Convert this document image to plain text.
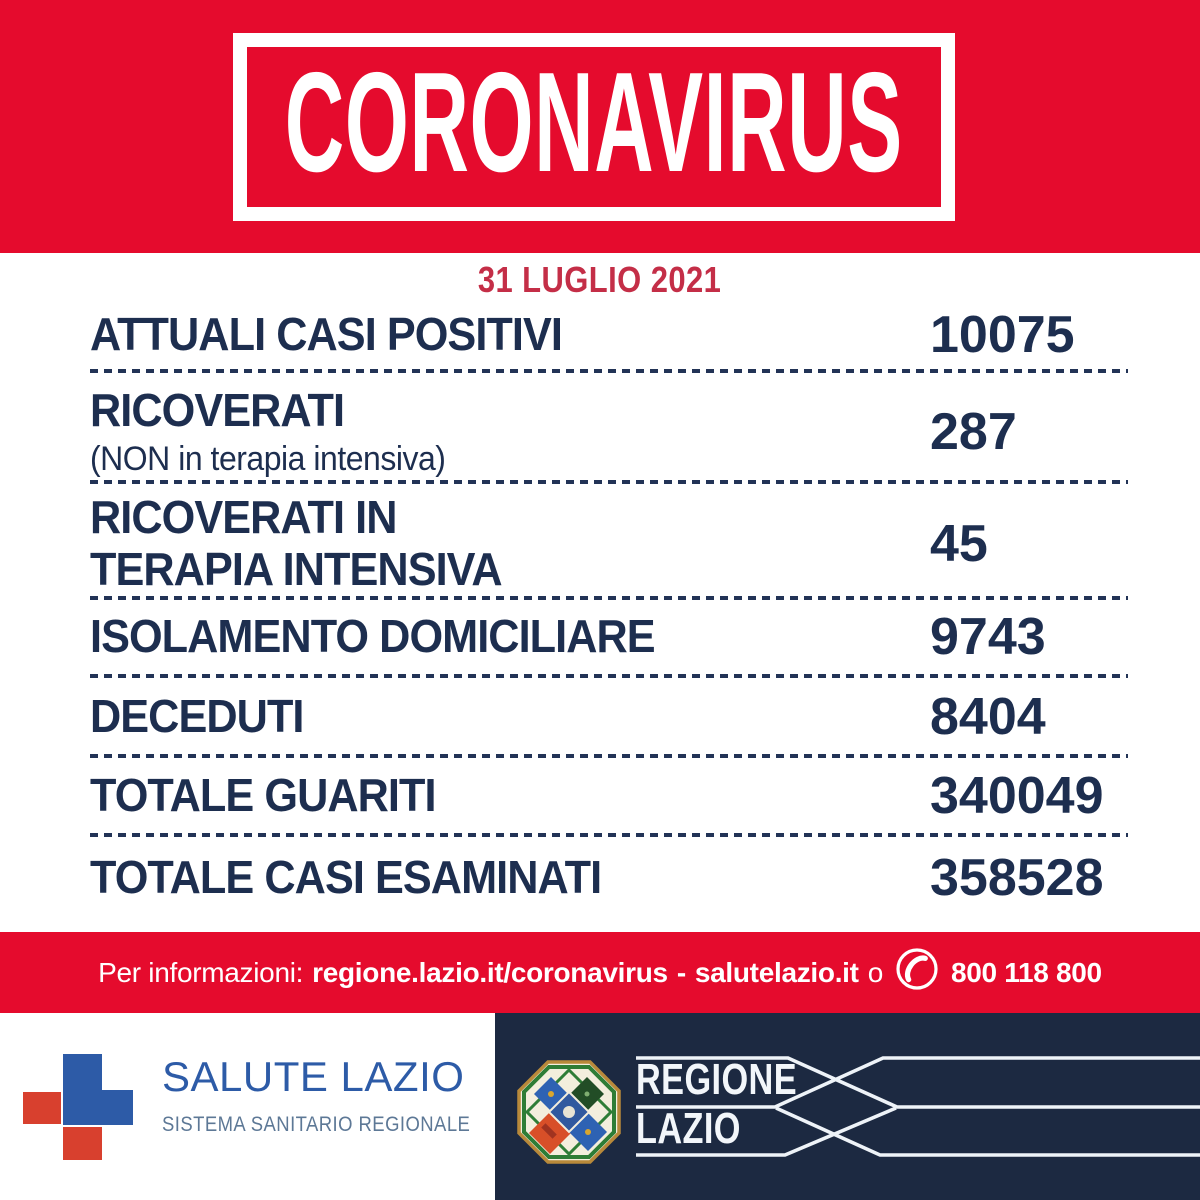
CORONAVIRUS
31 LUGLIO 2021
ATTUALI CASI POSITIVI	10075
RICOVERATI
(NON in terapia intensiva)	287
RICOVERATI IN
TERAPIA INTENSIVA	45
ISOLAMENTO DOMICILIARE	9743
DECEDUTI	8404
TOTALE GUARITI	340049
TOTALE CASI ESAMINATI	358528
Per informazioni: regione.lazio.it/coronavirus - salutelazio.it o 800 118 800
SALUTE LAZIO
SISTEMA SANITARIO REGIONALE
REGIONE
LAZIO
